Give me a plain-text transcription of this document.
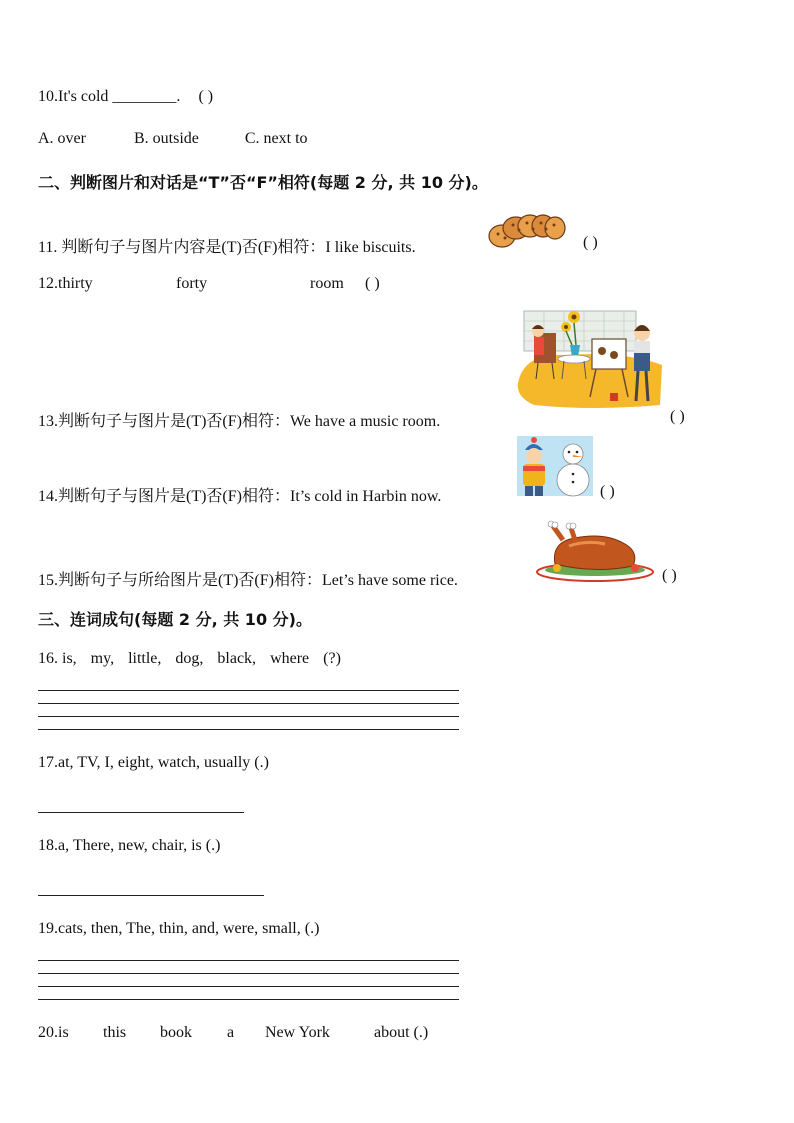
10.It's cold ________. ( )
A. over	B. outside	C. next to
二、判断图片和对话是“T”否“F”相符(每题 2 分, 共 10 分)。
11. 判断句子与图片内容是(T)否(F)相符：I like biscuits.	( )
12.thirty	forty	room ( )
13.判断句子与图片是(T)否(F)相符：We have a music room.	( )
14.判断句子与图片是(T)否(F)相符：It’s cold in Harbin now.	( )
15.判断句子与所给图片是(T)否(F)相符：Let’s have some rice.	( )
三、连词成句(每题 2 分, 共 10 分)。
16. is, my, little, dog, black, where (?)
17.at, TV, I, eight, watch, usually (.)
18.a, There, new, chair, is (.)
19.cats, then, The, thin, and, were, small, (.)
20.is this book a New York	about (.)
